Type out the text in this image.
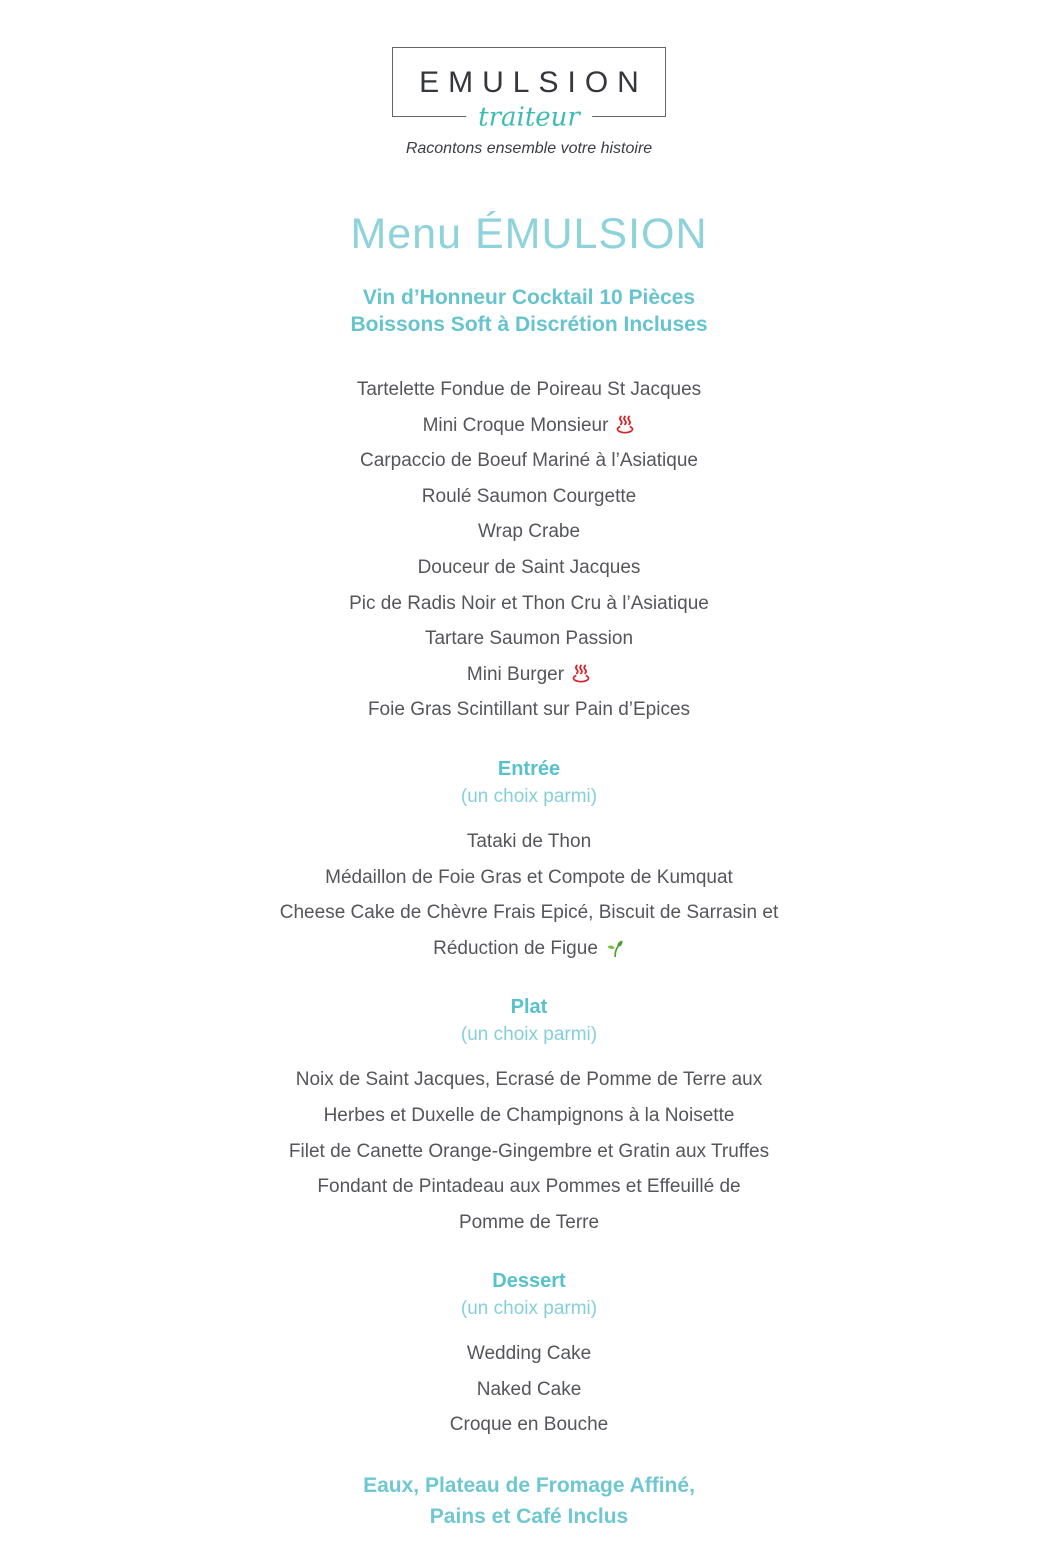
EMULSION
traiteur
Racontons ensemble votre histoire
Menu ÉMULSION
Vin d’Honneur Cocktail 10 Pièces
Boissons Soft à Discrétion Incluses
Tartelette Fondue de Poireau St Jacques
Mini Croque Monsieur
Carpaccio de Boeuf Mariné à l’Asiatique
Roulé Saumon Courgette
Wrap Crabe
Douceur de Saint Jacques
Pic de Radis Noir et Thon Cru à l’Asiatique
Tartare Saumon Passion
Mini Burger
Foie Gras Scintillant sur Pain d’Epices
Entrée
(un choix parmi)
Tataki de Thon
Médaillon de Foie Gras et Compote de Kumquat
Cheese Cake de Chèvre Frais Epicé, Biscuit de Sarrasin et
Réduction de Figue
Plat
(un choix parmi)
Noix de Saint Jacques, Ecrasé de Pomme de Terre aux
Herbes et Duxelle de Champignons à la Noisette
Filet de Canette Orange-Gingembre et Gratin aux Truffes
Fondant de Pintadeau aux Pommes et Effeuillé de
Pomme de Terre
Dessert
(un choix parmi)
Wedding Cake
Naked Cake
Croque en Bouche
Eaux, Plateau de Fromage Affiné,
Pains et Café Inclus
